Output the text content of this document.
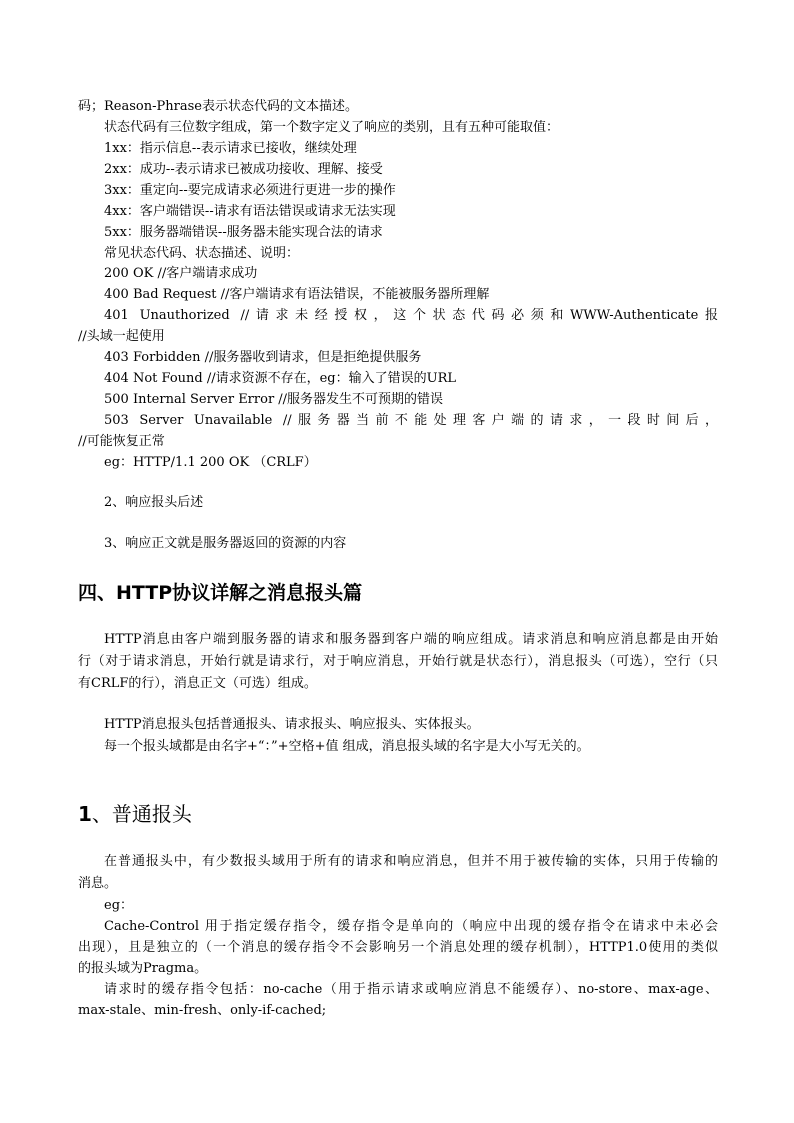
码；Reason-Phrase表示状态代码的文本描述。
状态代码有三位数字组成，第一个数字定义了响应的类别，且有五种可能取值：
1xx：指示信息--表示请求已接收，继续处理
2xx：成功--表示请求已被成功接收、理解、接受
3xx：重定向--要完成请求必须进行更进一步的操作
4xx：客户端错误--请求有语法错误或请求无法实现
5xx：服务器端错误--服务器未能实现合法的请求
常见状态代码、状态描述、说明：
200 OK //客户端请求成功
400 Bad Request //客户端请求有语法错误，不能被服务器所理解
401 Unauthorized //请求未经授权，这个状态代码必须和WWW-Authenticate报
//头域一起使用
403 Forbidden //服务器收到请求，但是拒绝提供服务
404 Not Found //请求资源不存在，eg：输入了错误的URL
500 Internal Server Error //服务器发生不可预期的错误
503 Server Unavailable //服务器当前不能处理客户端的请求，一段时间后，
//可能恢复正常
eg：HTTP/1.1 200 OK （CRLF）
2、响应报头后述
3、响应正文就是服务器返回的资源的内容
四、HTTP协议详解之消息报头篇
HTTP消息由客户端到服务器的请求和服务器到客户端的响应组成。请求消息和响应消息都是由开始
行（对于请求消息，开始行就是请求行，对于响应消息，开始行就是状态行），消息报头（可选），空行（只
有CRLF的行），消息正文（可选）组成。
HTTP消息报头包括普通报头、请求报头、响应报头、实体报头。
每一个报头域都是由名字+“：”+空格+值 组成，消息报头域的名字是大小写无关的。
1、普通报头
在普通报头中，有少数报头域用于所有的请求和响应消息，但并不用于被传输的实体，只用于传输的
消息。
eg：
Cache-Control 用于指定缓存指令，缓存指令是单向的（响应中出现的缓存指令在请求中未必会
出现），且是独立的（一个消息的缓存指令不会影响另一个消息处理的缓存机制），HTTP1.0使用的类似
的报头域为Pragma。
请求时的缓存指令包括：no-cache（用于指示请求或响应消息不能缓存）、no-store、max-age、
max-stale、min-fresh、only-if-cached;
